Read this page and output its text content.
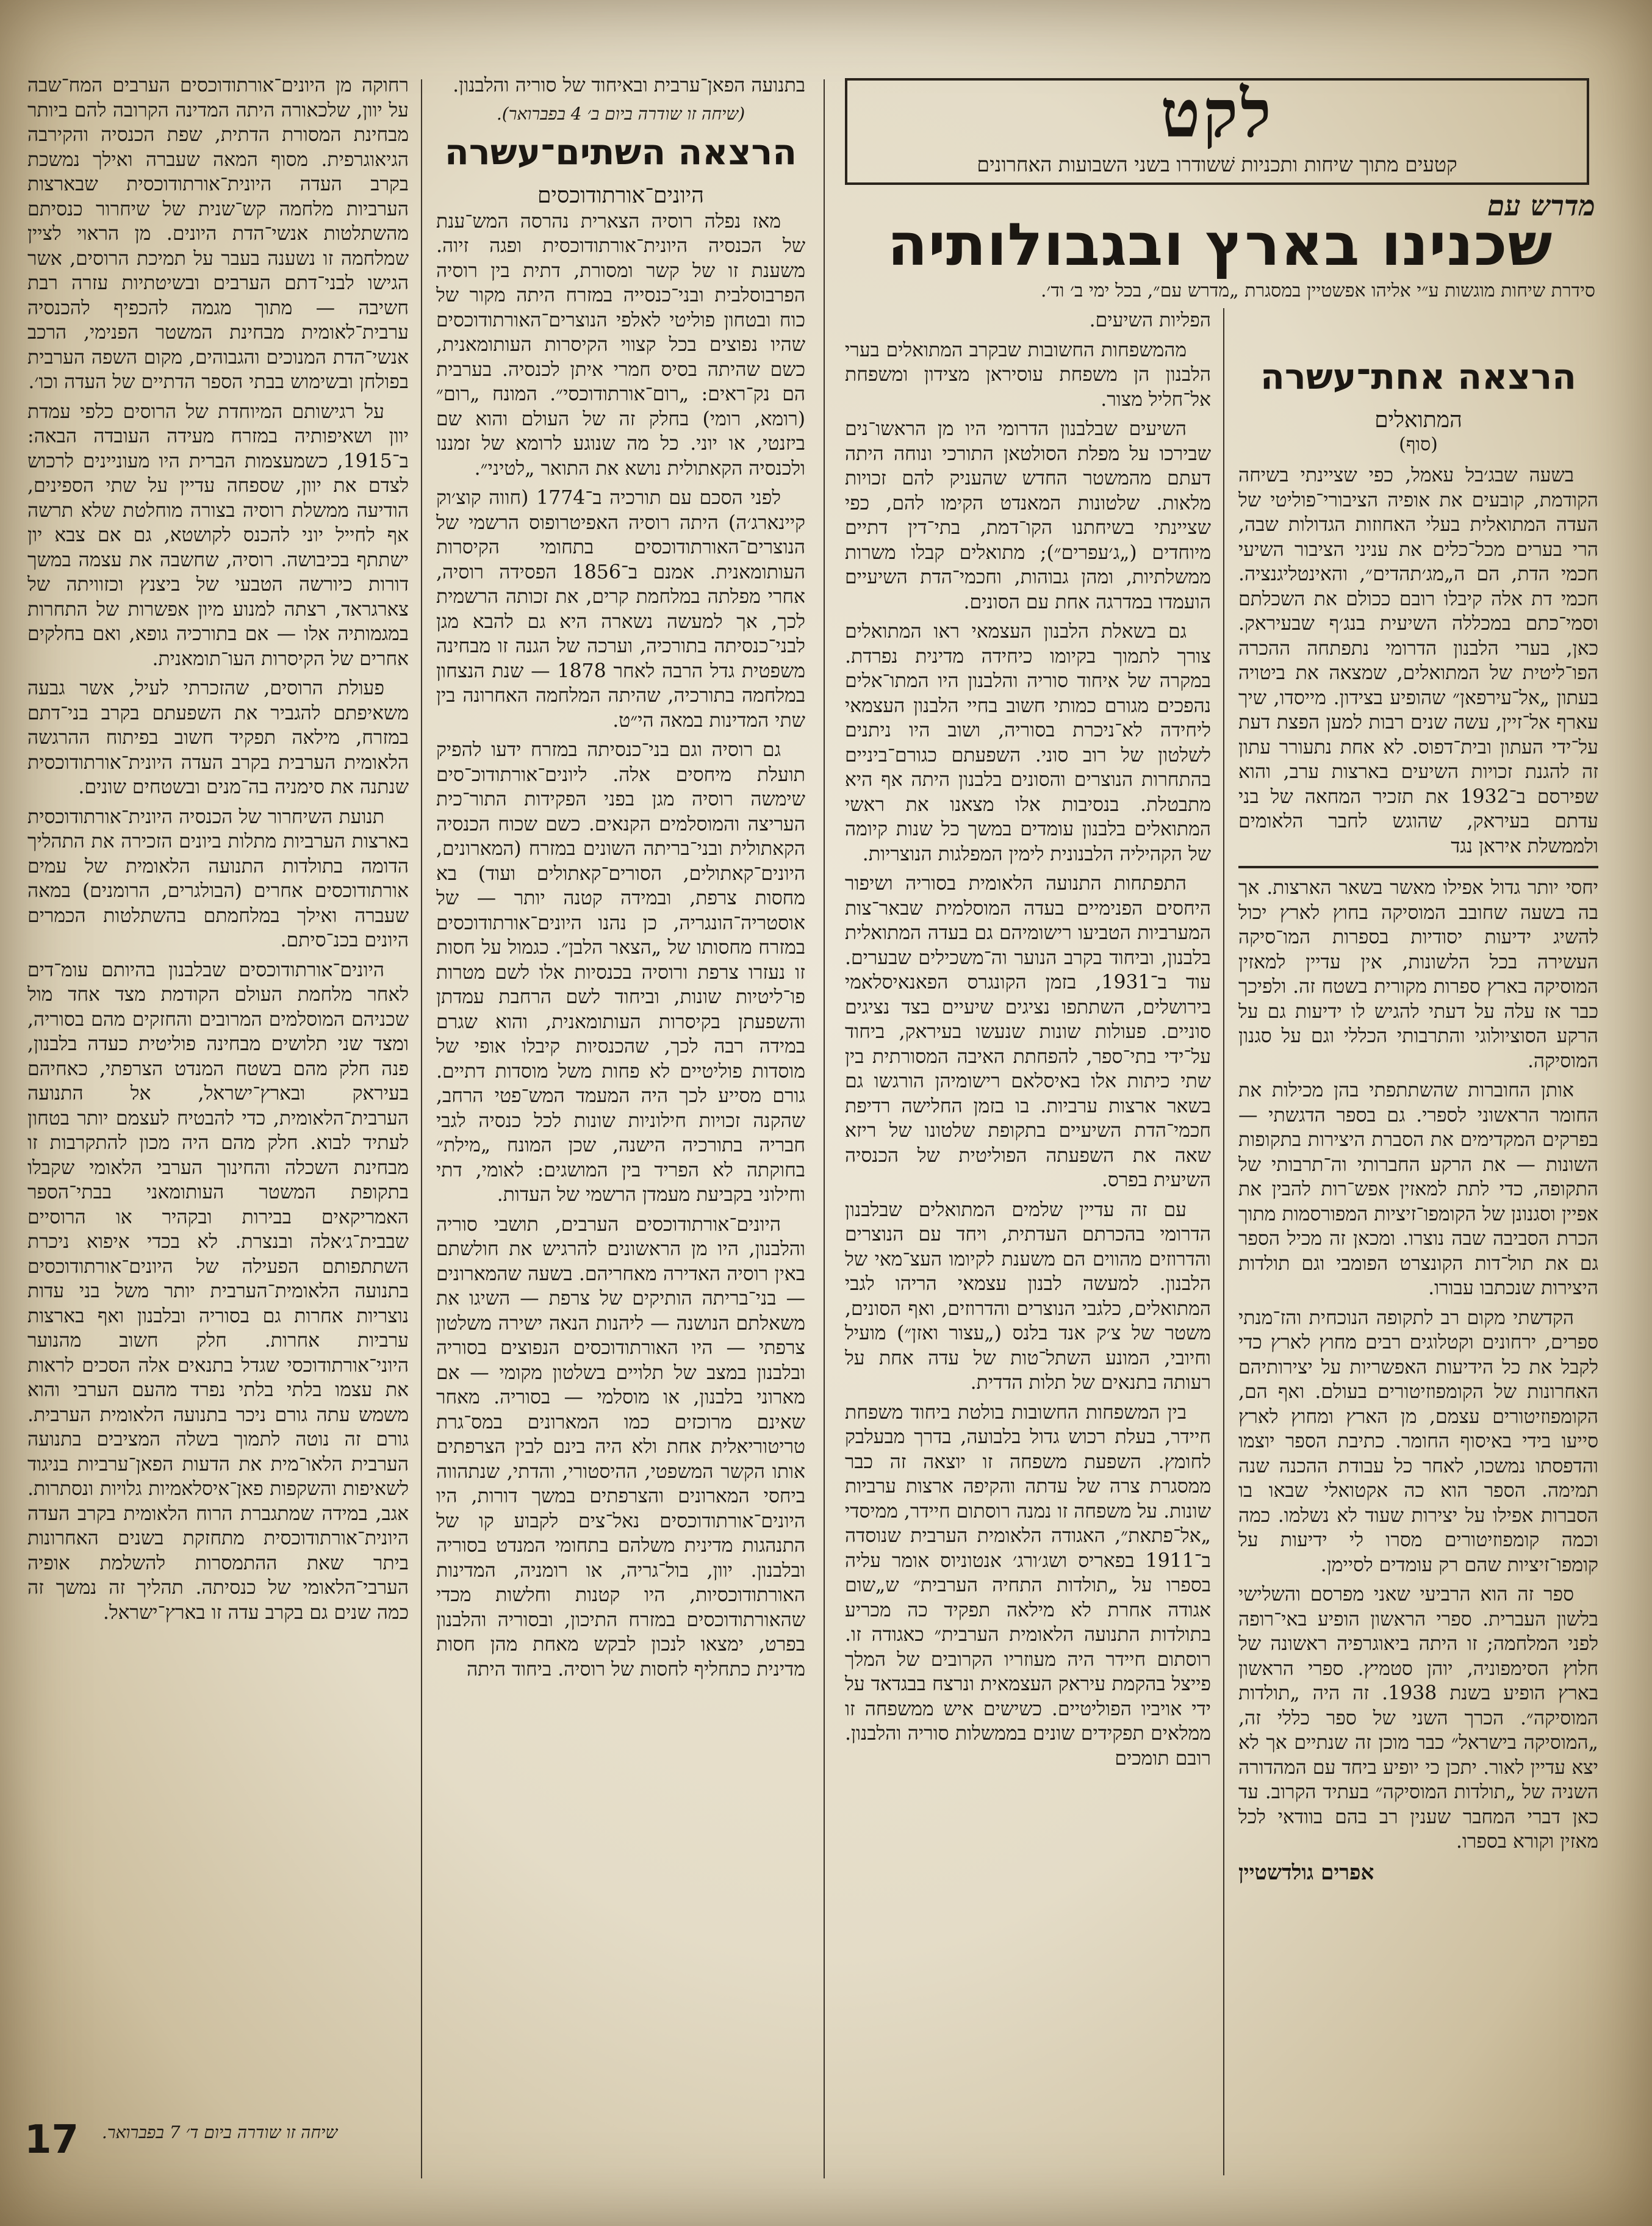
לקט
קטעים מתוך שיחות ותכניות שׁשודרו בשני השבועות האחרונים
מדרש עם
שכנינו בארץ ובגבולותיה
סידרת שיחות מוגשות ע״י אליהו אפשטיין במסגרת „מדרש עם״, בכל ימי ב׳ וד׳.
הרצאה אחת־עשרה
המתואלים
(סוף)

בשעה שבג׳בל עאמל, כפי שציינתי בשיחה הקודמת, קובעים את אופיה הציבורי־פוליטי של העדה המתואלית בעלי האחוזות הגדולות שבה, הרי בערים מכל־כלים את עניני הציבור השיעי חכמי הדת, הם ה„מג׳תהדים״, והאינטליגנציה. חכמי דת אלה קיבלו רובם ככולם את השכלתם וסמי־כתם במכללה השיעית בנג׳ף שבעיראק. כאן, בערי הלבנון הדרומי נתפתחה ההכרה הפו־ליטית של המתואלים, שמצאה את ביטויה בעתון „אל־עירפאן״ שהופיע בצידון. מייסדו, שיך עארף אל־זיין, עשה שנים רבות למען הפצת דעת על־ידי העתון ובית־דפוס. לא אחת נתעורר עתון זה להגנת זכויות השיעים בארצות ערב, והוא שפירסם ב־1932 את תזכיר המחאה של בני עדתם בעיראק, שהוגש לחבר הלאומים ולממשלת איראן נגד

יחסי יותר גדול אפילו מאשר בשאר הארצות. אך בה בשעה שחובב המוסיקה בחוץ לארץ יכול להשיג ידיעות יסודיות בספרות המו־סיקה העשירה בכל הלשונות, אין עדיין למאזין המוסיקה בארץ ספרות מקורית בשטח זה. ולפיכך כבר אז עלה על דעתי להגיש לו ידיעות גם על הרקע הסוציולוגי והתרבותי הכללי וגם על סגנון המוסיקה.

אותן החוברות שהשתתפתי בהן מכילות את החומר הראשוני לספרי. גם בספר הדגשתי — בפרקים המקדימים את הסברת היצירות בתקופות השונות — את הרקע החברותי וה־תרבותי של התקופה, כדי לתת למאזין אפש־רות להבין את אפיין וסגנונן של הקומפו־זיציות המפורסמות מתוך הכרת הסביבה שבה נוצרו. ומכאן זה מכיל הספר גם את תול־דות הקונצרט הפומבי וגם תולדות היצירות שנכתבו עבורו.

הקדשתי מקום רב לתקופה הנוכחית והז־מנתי ספרים, ירחונים וקטלוגים רבים מחוץ לארץ כדי לקבל את כל הידיעות האפשריות על יצירותיהם האחרונות של הקומפוזיטורים בעולם. ואף הם, הקומפוזיטורים עצמם, מן הארץ ומחוץ לארץ סייעו בידי באיסוף החומר. כתיבת הספר יוצמו והדפסתו נמשכו, לאחר כל עבודת ההכנה שנה תמימה. הספר הוא כה אקטואלי שבאו בו הסברות אפילו על יצירות שעוד לא נשלמו. כמה וכמה קומפוזיטורים מסרו לי ידיעות על קומפו־זיציות שהם רק עומדים לסיימן.

ספר זה הוא הרביעי שאני מפרסם והשלישי בלשון העברית. ספרי הראשון הופיע באי־רופה לפני המלחמה; זו היתה ביאוגרפיה ראשונה של חלוץ הסימפוניה, יוהן סטמיץ. ספרי הראשון בארץ הופיע בשנת 1938. זה היה „תולדות המוסיקה״. הכרך השני של ספר כללי זה, „המוסיקה בישראל״ כבר מוכן זה שנתיים אך לא יצא עדיין לאור. יתכן כי יופיע ביחד עם המהדורה השניה של „תולדות המוסיקה״ בעתיד הקרוב. עד כאן דברי המחבר שענין רב בהם בוודאי לכל מאזין וקורא בספרו.

אפרים גולדשטיין

הפליות השיעים.

מהמשפחות החשובות שבקרב המתואלים בערי הלבנון הן משפחת עוסיראן מצידון ומשפחת אל־חליל מצור.

השיעים שבלבנון הדרומי היו מן הראשו־נים שבירכו על מפלת הסולטאן התורכי ונוחה היתה דעתם מהמשטר החדש שהעניק להם זכויות מלאות. שלטונות המאנדט הקימו להם, כפי שציינתי בשיחתנו הקו־דמת, בתי־דין דתיים מיוחדים („ג׳עפרים״); מתואלים קבלו משרות ממשלתיות, ומהן גבוהות, וחכמי־הדת השיעיים הועמדו במדרגה אחת עם הסונים.

גם בשאלת הלבנון העצמאי ראו המתואלים צורך לתמוך בקיומו כיחידה מדינית נפרדת. במקרה של איחוד סוריה והלבנון היו המתו־אלים נהפכים מגורם כמותי חשוב בחיי הלבנון העצמאי ליחידה לא־ניכרת בסוריה, ושוב היו ניתנים לשלטון של רוב סוני. השפעתם כגורם־ביניים בהתחרות הנוצרים והסונים בלבנון היתה אף היא מתבטלת. בנסיבות אלו מצאנו את ראשי המתואלים בלבנון עומדים במשך כל שנות קיומה של הקהיליה הלבנונית לימין המפלגות הנוצריות.

התפתחות התנועה הלאומית בסוריה ושיפור היחסים הפנימיים בעדה המוסלמית שבאר־צות המערביות הטביעו רישומיהם גם בעדה המתואלית בלבנון, וביחוד בקרב הנוער וה־משכילים שבערים. עוד ב־1931, בזמן הקונגרס הפאנאיסלאמי בירושלים, השתתפו נציגים שיעיים בצד נציגים סוניים. פעולות שונות שנעשו בעיראק, ביחוד על־ידי בתי־ספר, להפחתת האיבה המסורתית בין שתי כיתות אלו באיסלאם רישומיהן הורגשו גם בשאר ארצות ערביות. בו בזמן החלישה רדיפת חכמי־הדת השיעיים בתקופת שלטונו של ריזא שאה את השפעתה הפוליטית של הכנסיה השיעית בפרס.

עם זה עדיין שלמים המתואלים שבלבנון הדרומי בהכרתם העדתית, ויחד עם הנוצרים והדרוזים מהווים הם משענת לקיומו העצ־מאי של הלבנון. למעשה לבנון עצמאי הריהו לגבי המתואלים, כלגבי הנוצרים והדרוזים, ואף הסונים, משטר של צ׳ק אנד בלנס („עצור ואזן״) מועיל וחיובי, המונע השתל־טות של עדה אחת על רעותה בתנאים של תלות הדדית.

בין המשפחות החשובות בולטת ביחוד משפחת חיידר, בעלת רכוש גדול בלבועה, בדרך מבעלבק לחומץ. השפעת משפחה זו יוצאה זה כבר ממסגרת צרה של עדתה והקיפה ארצות ערביות שונות. על משפחה זו נמנה רוסתום חיידר, ממיסדי „אל־פתאת״, האגודה הלאומית הערבית שנוסדה ב־1911 בפאריס ושג׳ורג׳ אנטוניוס אומר עליה בספרו על „תולדות התחיה הערבית״ ש„שום אגודה אחרת לא מילאה תפקיד כה מכריע בתולדות התנועה הלאומית הערבית״ כאגודה זו. רוסתום חיידר היה מעוזריו הקרובים של המלך פייצל בהקמת עיראק העצמאית ונרצח בבגדאד על ידי אויביו הפוליטיים. כשישים איש ממשפחה זו ממלאים תפקידים שונים בממשלות סוריה והלבנון. רובם תומכים

בתנועה הפאן־ערבית ובאיחוד של סוריה והלבנון.

(שיחה זו שודרה ביום ב׳ 4 בפברואר).
הרצאה השתים־עשרה
היונים־אורתודוכסים

מאז נפלה רוסיה הצארית נהרסה המש־ענת של הכנסיה היונית־אורתודוכסית ופגה זיוה. משענת זו של קשר ומסורת, דתית בין רוסיה הפרבוסלבית ובני־כנסייה במזרח היתה מקור של כוח ובטחון פוליטי לאלפי הנוצרים־האורתודוכסים שהיו נפוצים בכל קצווי הקיסרות העותומאנית, כשם שהיתה בסיס חמרי איתן לכנסיה. בערבית הם נק־ראים: „רום־אורתודוכסי״. המונח „רום״ (רומא, רומי) בחלק זה של העולם והוא שם ביזנטי, או יוני. כל מה שנוגע לרומא של זמננו ולכנסיה הקאתולית נושא את התואר „לטיני״.

לפני הסכם עם תורכיה ב־1774 (חווה קוצ׳וק קיינארג׳ה) היתה רוסיה האפיטרופוס הרשמי של הנוצרים־האורתודוכסים בתחומי הקיסרות העותומאנית. אמנם ב־1856 הפסידה רוסיה, אחרי מפלתה במלחמת קרים, את זכותה הרשמית לכך, אך למעשה נשארה היא גם להבא מגן לבני־כנסיתה בתורכיה, וערכה של הגנה זו מבחינה משפטית גדל הרבה לאחר 1878 — שנת הנצחון במלחמה בתורכיה, שהיתה המלחמה האחרונה בין שתי המדינות במאה הי״ט.

גם רוסיה וגם בני־כנסיתה במזרח ידעו להפיק תועלת מיחסים אלה. ליונים־אורתודוכ־סים שימשה רוסיה מגן בפני הפקידות התור־כית העריצה והמוסלמים הקנאים. כשם שכוח הכנסיה הקאתולית ובני־בריתה השונים במזרח (המארונים, היונים־קאתולים, הסורים־קאתולים ועוד) בא מחסות צרפת, ובמידה קטנה יותר — של אוסטריה־הונגריה, כן נהנו היונים־אורתודוכסים במזרח מחסותו של „הצאר הלבן״. כגמול על חסות זו נעזרו צרפת ורוסיה בכנסיות אלו לשם מטרות פו־ליטיות שונות, וביחוד לשם הרחבת עמדתן והשפעתן בקיסרות העותומאנית, והוא שגרם במידה רבה לכך, שהכנסיות קיבלו אופי של מוסדות פוליטיים לא פחות משל מוסדות דתיים. גורם מסייע לכך היה המעמד המש־פטי הרחב, שהקנה זכויות חילוניות שונות לכל כנסיה לגבי חבריה בתורכיה הישנה, שכן המונח „מילת״ בחוקתה לא הפריד בין המושגים: לאומי, דתי וחילוני בקביעת מעמדן הרשמי של העדות.

היונים־אורתודוכסים הערבים, תושבי סוריה והלבנון, היו מן הראשונים להרגיש את חולשתם באין רוסיה האדירה מאחריהם. בשעה שהמארונים — בני־בריתה הותיקים של צרפת — השיגו את משאלתם הנושנה — ליהנות הנאה ישירה משלטון צרפתי — היו האורתודוכסים הנפוצים בסוריה ובלבנון במצב של תלויים בשלטון מקומי — אם מארוני בלבנון, או מוסלמי — בסוריה. מאחר שאינם מרוכזים כמו המארונים במס־גרת טריטוריאלית אחת ולא היה בינם לבין הצרפתים אותו הקשר המשפטי, ההיסטורי, והדתי, שנתהווה ביחסי המארונים והצרפתים במשך דורות, היו היונים־אורתודוכסים נאל־צים לקבוע קו של התנהגות מדינית משלהם בתחומי המנדט בסוריה ובלבנון. יוון, בול־גריה, או רומניה, המדינות האורתודוכסיות, היו קטנות וחלשות מכדי שהאורתודוכסים במזרח התיכון, ובסוריה והלבנון בפרט, ימצאו לנכון לבקש מאחת מהן חסות מדינית כתחליף לחסות של רוסיה. ביחוד היתה

רחוקה מן היונים־אורתודוכסים הערבים המח־שבה על יוון, שלכאורה היתה המדינה הקרובה להם ביותר מבחינת המסורת הדתית, שפת הכנסיה והקירבה הגיאוגרפית. מסוף המאה שעברה ואילך נמשכת בקרב העדה היונית־אורתודוכסית שבארצות הערביות מלחמה קש־שנית של שיחרור כנסיתם מהשתלטות אנשי־הדת היונים. מן הראוי לציין שמלחמה זו נשענה בעבר על תמיכת הרוסים, אשר הגישו לבני־דתם הערבים ובשיטתיות עזרה רבת חשיבה — מתוך מגמה להכפיף להכנסיה ערבית־לאומית מבחינת המשטר הפנימי, הרכב אנשי־הדת המנוכים והגבוהים, מקום השפה הערבית בפולחן ובשימוש בבתי הספר הדתיים של העדה וכו׳.

על רגישותם המיוחדת של הרוסים כלפי עמדת יוון ושאיפותיה במזרח מעידה העובדה הבאה: ב־1915, כשמעצמות הברית היו מעוניינים לרכוש לצדם את יוון, שספחה עדיין על שתי הספינים, הודיעה ממשלת רוסיה בצורה מוחלטת שלא תרשה אף לחייל יוני להכנס לקושטא, גם אם צבא יון ישתתף בכיבושה. רוסיה, שחשבה את עצמה במשך דורות כיורשה הטבעי של ביצנץ וכזוויתה של צארגראד, רצתה למנוע מיון אפשרות של התחרות במגמותיה אלו — אם בתורכיה גופא, ואם בחלקים אחרים של הקיסרות העו־תומאנית.

פעולת הרוסים, שהזכרתי לעיל, אשר גבעה משאיפתם להגביר את השפעתם בקרב בני־דתם במזרח, מילאה תפקיד חשוב בפיתוח ההרגשה הלאומית הערבית בקרב העדה היונית־אורתודוכסית שנתנה את סימניה בה־מנים ובשטחים שונים.

תנועת השיחרור של הכנסיה היונית־אורתודוכסית בארצות הערביות מתלות ביונים הזכירה את התהליך הדומה בתולדות התנועה הלאומית של עמים אורתודוכסים אחרים (הבולגרים, הרומנים) במאה שעברה ואילך במלחמתם בהשתלטות הכמרים היונים בכנ־סיתם.

היונים־אורתודוכסים שבלבנון בהיותם עומ־דים לאחר מלחמת העולם הקודמת מצד אחד מול שכניהם המוסלמים המרובים והחזקים מהם בסוריה, ומצד שני תלושים מבחינה פוליטית כעדה בלבנון, פנה חלק מהם בשטח המנדט הצרפתי, כאחיהם בעיראק ובארץ־ישראל, אל התנועה הערבית־הלאומית, כדי להבטיח לעצמם יותר בטחון לעתיד לבוא. חלק מהם היה מכון להתקרבות זו מבחינת השכלה והחינוך הערבי הלאומי שקבלו בתקופת המשטר העותומאני בבתי־הספר האמריקאים בבירות ובקהיר או הרוסיים שבבית־ג׳אלה ובנצרת. לא בכדי איפוא ניכרת השתתפותם הפעילה של היונים־אורתודוכסים בתנועה הלאומית־הערבית יותר משל בני עדות נוצריות אחרות גם בסוריה ובלבנון ואף בארצות ערביות אחרות. חלק חשוב מהנוער היוני־אורתודוכסי שגדל בתנאים אלה הסכים לראות את עצמו בלתי בלתי נפרד מהעם הערבי והוא משמש עתה גורם ניכר בתנועה הלאומית הערבית. גורם זה נוטה לתמוך בשלה המציבים בתנועה הערבית הלאו־מית את הדעות הפאן־ערביות בניגוד לשאיפות והשקפות פאן־איסלאמיות גלויות ונסתרות. אגב, במידה שמתגברת הרוח הלאומית בקרב העדה היונית־אורתודוכסית מתחזקת בשנים האחרונות ביתר שאת ההתמסרות להשלמת אופיה הערבי־הלאומי של כנסיתה. תהליך זה נמשך זה כמה שנים גם בקרב עדה זו בארץ־ישראל.

שיחה זו שודרה ביום ד׳ 7 בפברואר.
17
